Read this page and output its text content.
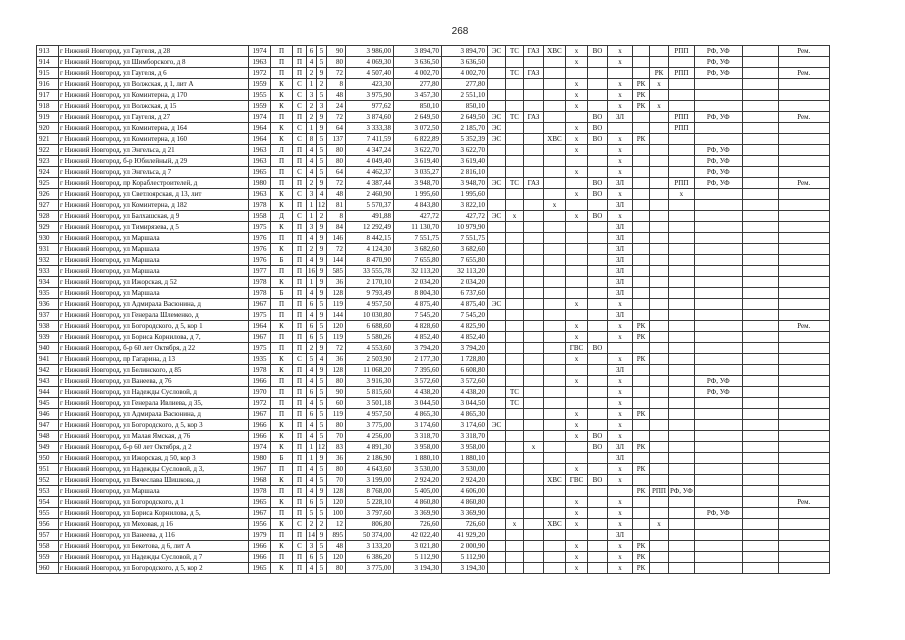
268
913	г Нижний Новгород, ул Гаугеля, д 28	1974	П	П	6	5	90	3 986,00	3 894,70	3 894,70	ЭС	ТС	ГАЗ	ХВС	х	ВО	х			РПП	РФ, УФ		Рем.
914	г Нижний Новгород, ул Шимборского, д 8	1963	П	П	4	5	80	4 069,30	3 636,50	3 636,50					х		х				РФ, УФ		
915	г Нижний Новгород, ул Гаугеля, д 6	1972	П	П	2	9	72	4 507,40	4 002,70	4 002,70		ТС	ГАЗ						РК	РПП	РФ, УФ		Рем.
916	г Нижний Новгород, ул Волжская, д 1, лит А	1959	К	С	1	2	8	423,30	277,80	277,80					х		х	РК	х				
917	г Нижний Новгород, ул Коминтерна, д 170	1955	К	С	3	5	48	3 975,90	3 457,30	2 551,10					х		х	РК					
918	г Нижний Новгород, ул Волжская, д 15	1959	К	С	2	3	24	977,62	850,10	850,10					х		х	РК	х				
919	г Нижний Новгород, ул Гаугеля, д 27	1974	П	П	2	9	72	3 874,60	2 649,50	2 649,50	ЭС	ТС	ГАЗ			ВО	ЗЛ			РПП	РФ, УФ		Рем.
920	г Нижний Новгород, ул Коминтерна, д 164	1964	К	С	1	9	64	3 333,38	3 072,50	2 185,70	ЭС				х	ВО				РПП			
921	г Нижний Новгород, ул Коминтерна, д 160	1964	К	С	8	5	137	7 411,59	6 822,89	5 352,39	ЭС			ХВС	х	ВО	х	РК					
922	г Нижний Новгород, ул Энгельса, д 21	1963	Л	П	4	5	80	4 347,24	3 622,70	3 622,70					х		х				РФ, УФ		
923	г Нижний Новгород, б-р Юбилейный, д 29	1963	П	П	4	5	80	4 049,40	3 619,40	3 619,40							х				РФ, УФ		
924	г Нижний Новгород, ул Энгельса, д 7	1965	П	С	4	5	64	4 462,37	3 035,27	2 816,10					х		х				РФ, УФ		
925	г Нижний Новгород, пр Кораблестроителей, д	1980	П	П	2	9	72	4 387,44	3 948,70	3 948,70	ЭС	ТС	ГАЗ			ВО	ЗЛ			РПП	РФ, УФ		Рем.
926	г Нижний Новгород, ул Светлоярская, д 13, лит	1963	К	С	3	4	48	2 460,90	1 995,60	1 995,60					х	ВО	х			х			
927	г Нижний Новгород, ул Коминтерна, д 182	1978	К	П	1	12	81	5 570,37	4 843,80	3 822,10				х			ЗЛ						
928	г Нижний Новгород, ул Балхашская, д 9	1958	Д	С	1	2	8	491,88	427,72	427,72	ЭС	х			х	ВО	х						
929	г Нижний Новгород, ул Тимирязева, д 5	1975	К	П	3	9	84	12 292,49	11 130,70	10 979,90							ЗЛ						
930	г Нижний Новгород, ул Маршала	1976	П	П	4	9	146	8 442,15	7 551,75	7 551,75							ЗЛ						
931	г Нижний Новгород, ул Маршала	1976	К	П	2	9	72	4 124,30	3 682,60	3 682,60							ЗЛ						
932	г Нижний Новгород, ул Маршала	1976	Б	П	4	9	144	8 470,90	7 655,80	7 655,80							ЗЛ						
933	г Нижний Новгород, ул Маршала	1977	П	П	16	9	585	33 555,78	32 113,20	32 113,20							ЗЛ						
934	г Нижний Новгород, ул Ижорская, д 52	1978	К	П	1	9	36	2 170,10	2 034,20	2 034,20							ЗЛ						
935	г Нижний Новгород, ул Маршала	1978	Б	П	4	9	128	9 793,49	8 804,30	6 737,60							ЗЛ						
936	г Нижний Новгород, ул Адмирала Васюнина, д	1967	П	П	6	5	119	4 957,50	4 875,40	4 875,40	ЭС				х		х						
937	г Нижний Новгород, ул Генерала Шлеменко, д	1975	П	П	4	9	144	10 030,80	7 545,20	7 545,20							ЗЛ						
938	г Нижний Новгород, ул Богородского, д 5, кор 1	1964	К	П	6	5	120	6 688,60	4 828,60	4 825,90					х		х	РК					Рем.
939	г Нижний Новгород, ул Бориса Корнилова, д 7,	1967	П	П	6	5	119	5 580,26	4 852,40	4 852,40					х		х	РК					
940	г Нижний Новгород, б-р 60 лет Октября, д 22	1975	П	П	2	9	72	4 553,60	3 794,20	3 794,20					ГВС	ВО							
941	г Нижний Новгород, пр Гагарина, д 13	1935	К	С	5	4	36	2 503,90	2 177,30	1 728,80					х		х	РК					
942	г Нижний Новгород, ул Белинского, д 85	1978	К	П	4	9	128	11 068,20	7 395,60	6 608,80							ЗЛ						
943	г Нижний Новгород, ул Ванеева, д 76	1966	П	П	4	5	80	3 916,30	3 572,60	3 572,60					х		х				РФ, УФ		
944	г Нижний Новгород, ул Надежды Сусловой, д	1970	П	П	6	5	90	5 815,60	4 438,20	4 438,20		ТС					х				РФ, УФ		
945	г Нижний Новгород, ул Генерала Ивлиева, д 35,	1972	П	П	4	5	60	3 501,18	3 044,50	3 044,50		ТС					х						
946	г Нижний Новгород, ул Адмирала Васюнина, д	1967	П	П	6	5	119	4 957,50	4 865,30	4 865,30					х		х	РК					
947	г Нижний Новгород, ул Богородского, д 5, кор 3	1966	К	П	4	5	80	3 775,00	3 174,60	3 174,60	ЭС				х		х						
948	г Нижний Новгород, ул Малая Ямская, д 76	1966	К	П	4	5	70	4 256,00	3 318,70	3 318,70					х	ВО	х						
949	г Нижний Новгород, б-р 60 лет Октября, д 2	1974	К	П	1	12	83	4 891,30	3 958,00	3 958,00			х			ВО	ЗЛ	РК					
950	г Нижний Новгород, ул Ижорская, д 50, кор 3	1980	Б	П	1	9	36	2 186,90	1 880,10	1 880,10							ЗЛ						
951	г Нижний Новгород, ул Надежды Сусловой, д 3,	1967	П	П	4	5	80	4 643,60	3 530,00	3 530,00					х		х	РК					
952	г Нижний Новгород, ул Вячеслава Шишкова, д	1968	К	П	4	5	70	3 199,00	2 924,20	2 924,20				ХВС	ГВС	ВО	х						
953	г Нижний Новгород, ул Маршала	1978	П	П	4	9	128	8 768,00	5 405,00	4 606,00								РК	РПП	РФ, УФ			
954	г Нижний Новгород, ул Богородского, д 1	1965	К	П	6	5	120	5 228,10	4 860,80	4 860,80					х		х						Рем.
955	г Нижний Новгород, ул Бориса Корнилова, д 5,	1967	П	П	5	5	100	3 797,60	3 369,90	3 369,90					х		х				РФ, УФ		
956	г Нижний Новгород, ул Меховая, д 16	1956	К	С	2	2	12	806,80	726,60	726,60		х		ХВС	х		х		х				
957	г Нижний Новгород, ул Ванеева, д 116	1979	П	П	14	9	895	50 374,00	42 022,40	41 929,20							ЗЛ						
958	г Нижний Новгород, ул Бекетова, д 6, лит А	1966	К	С	3	5	48	3 133,20	3 021,80	2 000,90					х		х	РК					
959	г Нижний Новгород, ул Надежды Сусловой, д 7	1966	П	П	6	5	120	6 386,20	5 112,90	5 112,90					х		х	РК					
960	г Нижний Новгород, ул Богородского, д 5, кор 2	1965	К	П	4	5	80	3 775,00	3 194,30	3 194,30					х		х	РК					
